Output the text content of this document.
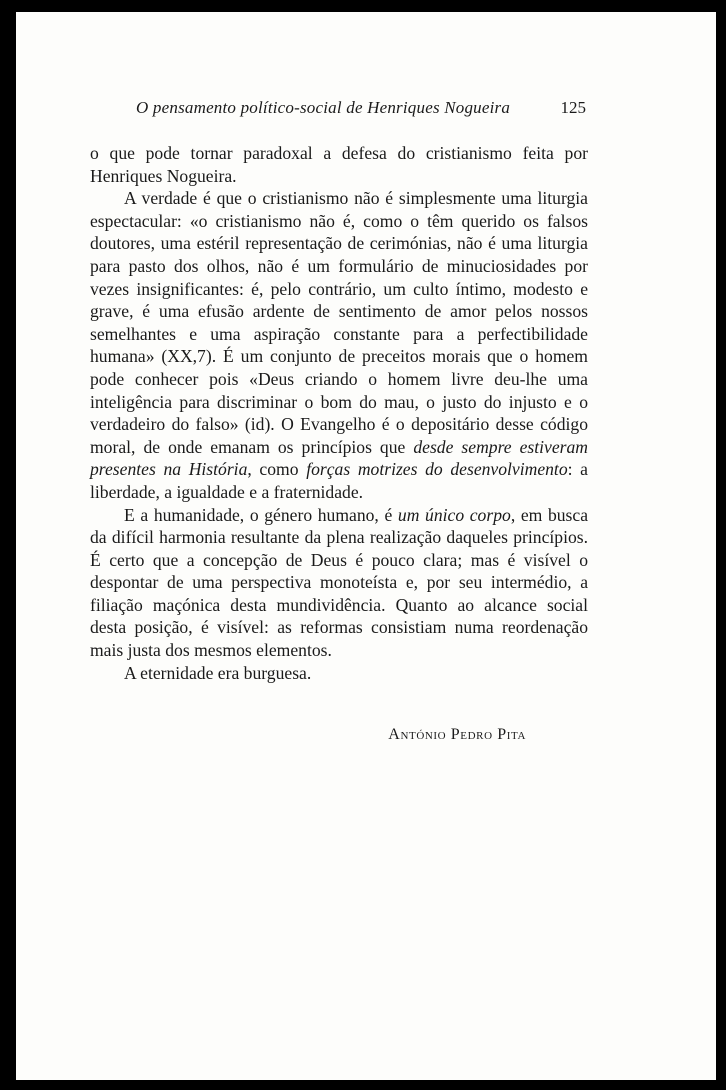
O pensamento político-social de Henriques Nogueira	125

o que pode tornar paradoxal a defesa do cristianismo feita por Henriques Nogueira.

A verdade é que o cristianismo não é simplesmente uma liturgia espectacular: «o cristianismo não é, como o têm querido os falsos doutores, uma estéril representação de cerimónias, não é uma liturgia para pasto dos olhos, não é um formulário de minuciosidades por vezes insignificantes: é, pelo contrário, um culto íntimo, modesto e grave, é uma efusão ardente de sentimento de amor pelos nossos semelhantes e uma aspiração constante para a perfectibilidade humana» (XX,7). É um conjunto de preceitos morais que o homem pode conhecer pois «Deus criando o homem livre deu-lhe uma inteligência para discriminar o bom do mau, o justo do injusto e o verdadeiro do falso» (id). O Evangelho é o depositário desse código moral, de onde emanam os princípios que desde sempre estiveram presentes na História, como forças motrizes do desenvolvimento: a liberdade, a igualdade e a fraternidade.

E a humanidade, o género humano, é um único corpo, em busca da difícil harmonia resultante da plena realização daqueles princípios. É certo que a concepção de Deus é pouco clara; mas é visível o despontar de uma perspectiva monoteísta e, por seu intermédio, a filiação maçónica desta mundividência. Quanto ao alcance social desta posição, é visível: as reformas consistiam numa reordenação mais justa dos mesmos elementos.

A eternidade era burguesa.

António Pedro Pita
